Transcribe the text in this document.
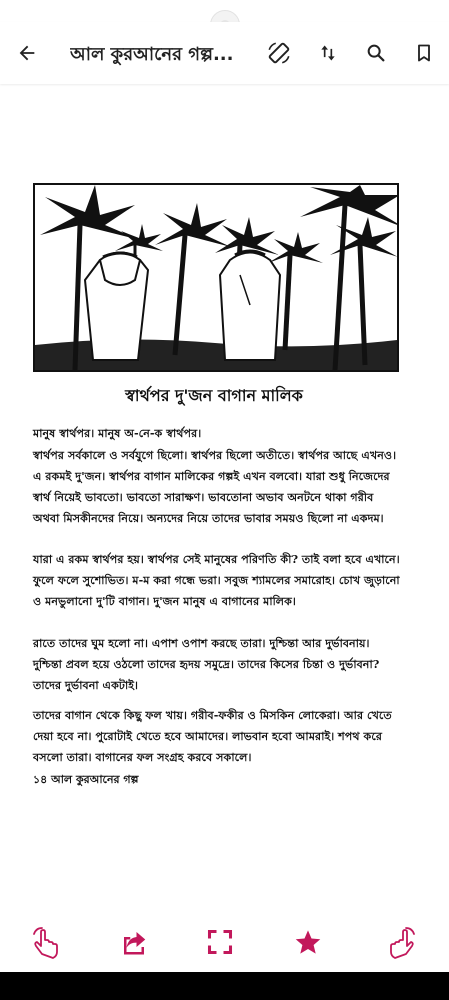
আল কুরআনের গল্প...
স্বার্থপর দু'জন বাগান মালিক
মানুষ স্বার্থপর। মানুষ অ-নে-ক স্বার্থপর।
স্বার্থপর সর্বকালে ও সর্বযুগে ছিলো। স্বার্থপর ছিলো অতীতে। স্বার্থপর আছে এখনও। এ রকমই দু'জন। স্বার্থপর বাগান মালিকের গল্পই এখন বলবো। যারা শুধু নিজেদের স্বার্থ নিয়েই ভাবতো। ভাবতো সারাক্ষণ। ভাবতোনা অভাব অনটনে থাকা গরীব অথবা মিসকীনদের নিয়ে। অন্যদের নিয়ে তাদের ভাবার সময়ও ছিলো না একদম।
যারা এ রকম স্বার্থপর হয়। স্বার্থপর সেই মানুষের পরিণতি কী? তাই বলা হবে এখানে। ফুলে ফলে সুশোভিত। ম-ম করা গন্ধে ভরা। সবুজ শ্যামলের সমারোহ। চোখ জুড়ানো ও মনভুলানো দু'টি বাগান। দু'জন মানুষ এ বাগানের মালিক।
রাতে তাদের ঘুম হলো না। এপাশ ওপাশ করছে তারা। দুশ্চিন্তা আর দুর্ভাবনায়। দুশ্চিন্তা প্রবল হয়ে ওঠলো তাদের হৃদয় সমুদ্রে। তাদের কিসের চিন্তা ও দুর্ভাবনা? তাদের দুর্ভাবনা একটাই।
তাদের বাগান থেকে কিছু ফল খায়। গরীব-ফকীর ও মিসকিন লোকেরা। আর খেতে দেয়া হবে না। পুরোটাই খেতে হবে আমাদের। লাভবান হবো আমরাই। শপথ করে বসলো তারা। বাগানের ফল সংগ্রহ করবে সকালে।
১৪ আল কুরআনের গল্প
